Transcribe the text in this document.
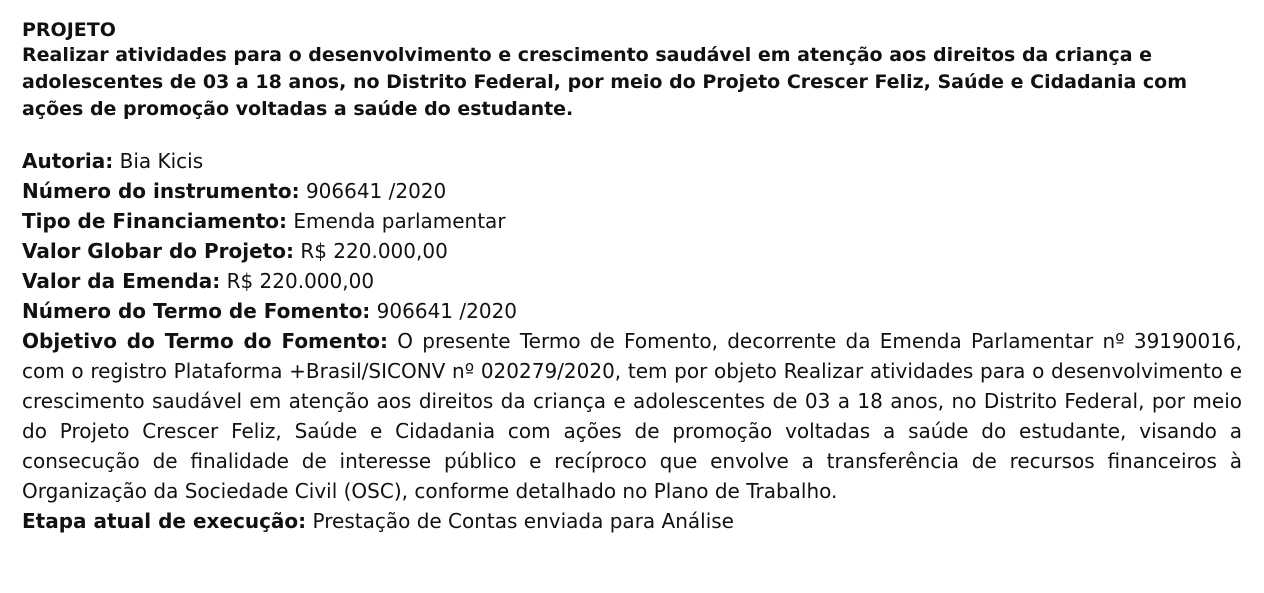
PROJETO
Realizar atividades para o desenvolvimento e crescimento saudável em atenção aos direitos da criança e adolescentes de 03 a 18 anos, no Distrito Federal, por meio do Projeto Crescer Feliz, Saúde e Cidadania com ações de promoção voltadas a saúde do estudante.
Autoria: Bia Kicis
Número do instrumento: 906641 /2020
Tipo de Financiamento: Emenda parlamentar
Valor Globar do Projeto: R$ 220.000,00
Valor da Emenda: R$ 220.000,00
Número do Termo de Fomento: 906641 /2020
Objetivo do Termo do Fomento: O presente Termo de Fomento, decorrente da Emenda Parlamentar nº 39190016, com o registro Plataforma +Brasil/SICONV nº 020279/2020, tem por objeto Realizar atividades para o desenvolvimento e crescimento saudável em atenção aos direitos da criança e adolescentes de 03 a 18 anos, no Distrito Federal, por meio do Projeto Crescer Feliz, Saúde e Cidadania com ações de promoção voltadas a saúde do estudante, visando a consecução de finalidade de interesse público e recíproco que envolve a transferência de recursos financeiros à Organização da Sociedade Civil (OSC), conforme detalhado no Plano de Trabalho.
Etapa atual de execução: Prestação de Contas enviada para Análise
